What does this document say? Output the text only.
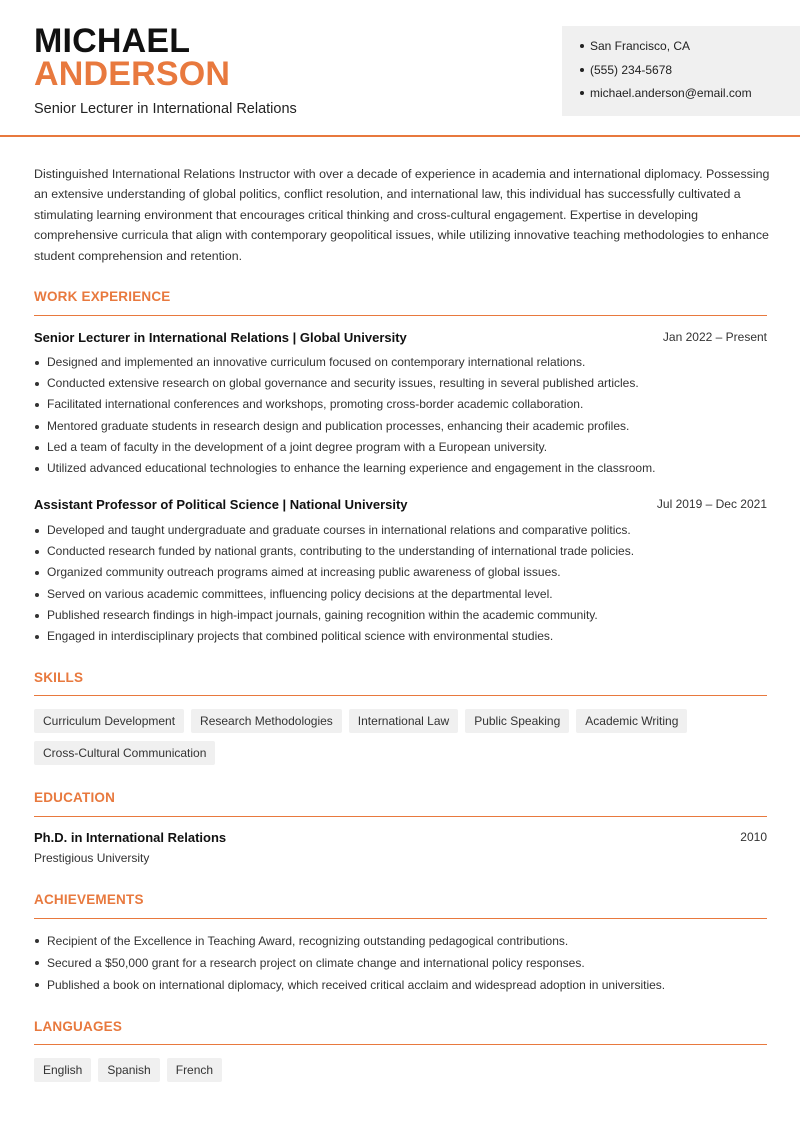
MICHAEL
ANDERSON
Senior Lecturer in International Relations
San Francisco, CA
(555) 234-5678
michael.anderson@email.com

Distinguished International Relations Instructor with over a decade of experience in academia and international diplomacy. Possessing an extensive understanding of global politics, conflict resolution, and international law, this individual has successfully cultivated a stimulating learning environment that encourages critical thinking and cross-cultural engagement. Expertise in developing comprehensive curricula that align with contemporary geopolitical issues, while utilizing innovative teaching methodologies to enhance student comprehension and retention.

WORK EXPERIENCE
Senior Lecturer in International Relations | Global University	Jan 2022 – Present
Designed and implemented an innovative curriculum focused on contemporary international relations.
Conducted extensive research on global governance and security issues, resulting in several published articles.
Facilitated international conferences and workshops, promoting cross-border academic collaboration.
Mentored graduate students in research design and publication processes, enhancing their academic profiles.
Led a team of faculty in the development of a joint degree program with a European university.
Utilized advanced educational technologies to enhance the learning experience and engagement in the classroom.
Assistant Professor of Political Science | National University	Jul 2019 – Dec 2021
Developed and taught undergraduate and graduate courses in international relations and comparative politics.
Conducted research funded by national grants, contributing to the understanding of international trade policies.
Organized community outreach programs aimed at increasing public awareness of global issues.
Served on various academic committees, influencing policy decisions at the departmental level.
Published research findings in high-impact journals, gaining recognition within the academic community.
Engaged in interdisciplinary projects that combined political science with environmental studies.
SKILLS
Curriculum Development	Research Methodologies	International Law	Public Speaking	Academic Writing
Cross-Cultural Communication
EDUCATION
Ph.D. in International Relations	2010
Prestigious University
ACHIEVEMENTS
Recipient of the Excellence in Teaching Award, recognizing outstanding pedagogical contributions.
Secured a $50,000 grant for a research project on climate change and international policy responses.
Published a book on international diplomacy, which received critical acclaim and widespread adoption in universities.
LANGUAGES
English	Spanish	French
